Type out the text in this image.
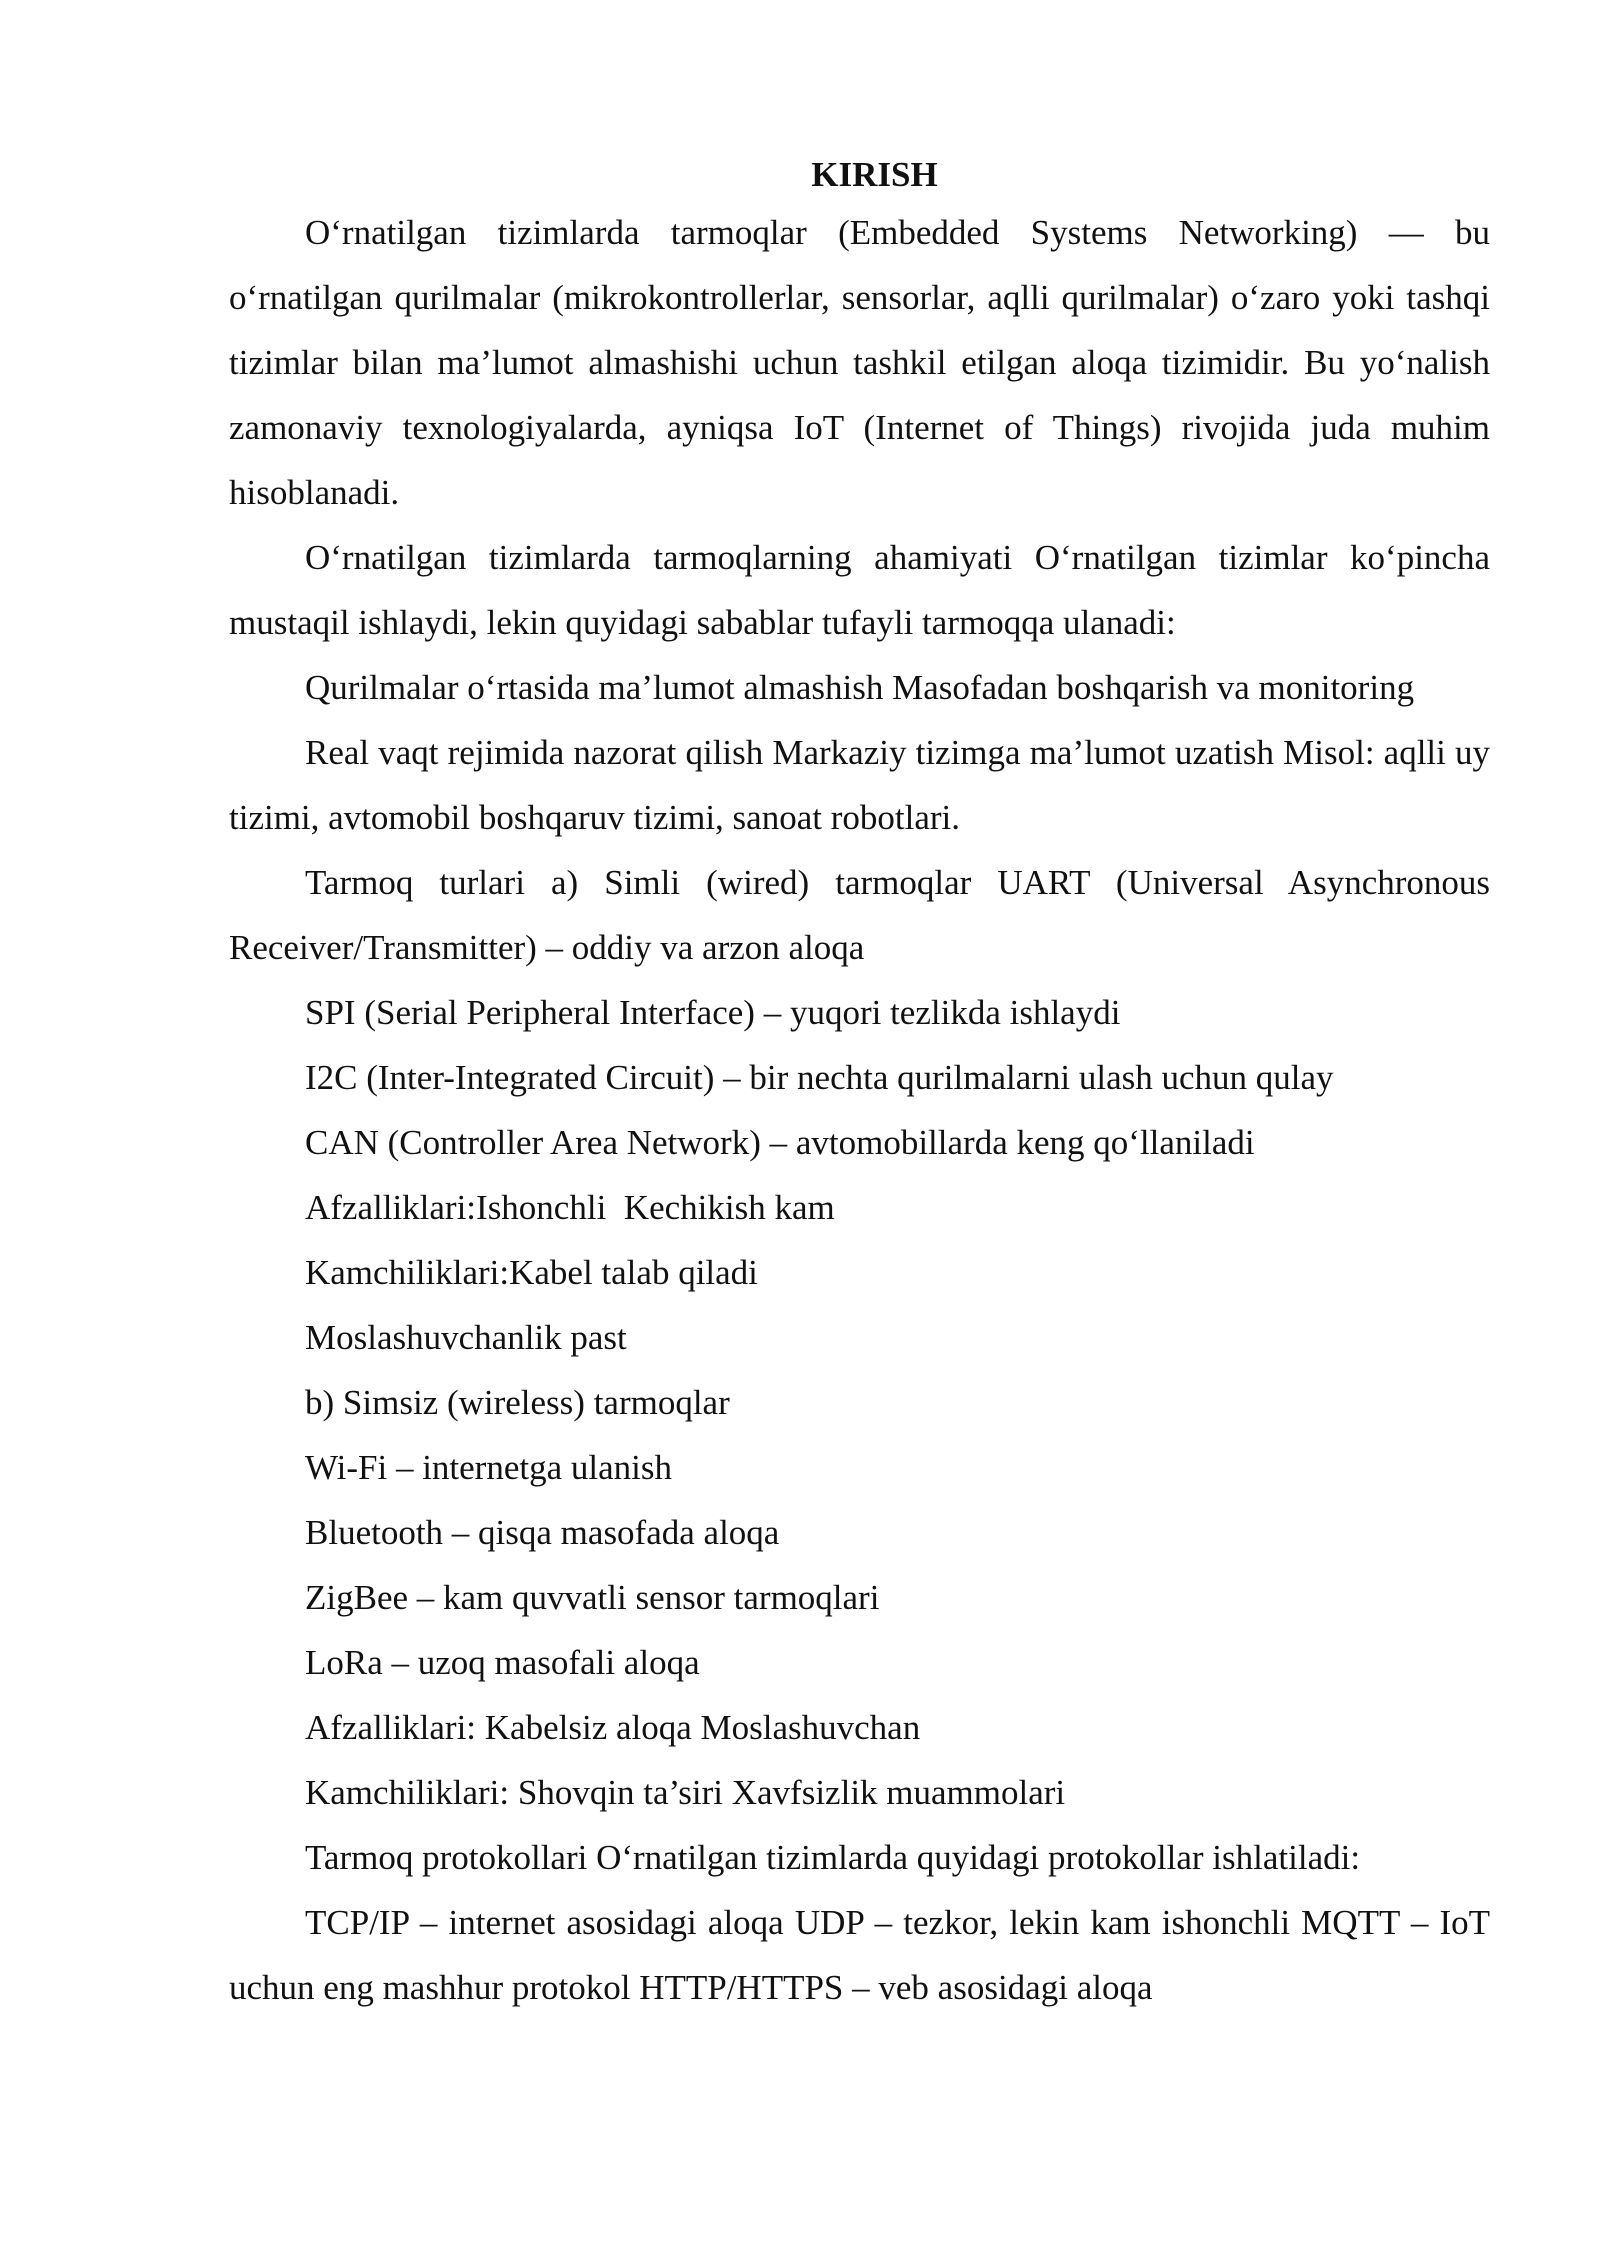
KIRISH

O‘rnatilgan tizimlarda tarmoqlar (Embedded Systems Networking) — bu o‘rnatilgan qurilmalar (mikrokontrollerlar, sensorlar, aqlli qurilmalar) o‘zaro yoki tashqi tizimlar bilan ma’lumot almashishi uchun tashkil etilgan aloqa tizimidir. Bu yo‘nalish zamonaviy texnologiyalarda, ayniqsa IoT (Internet of Things) rivojida juda muhim hisoblanadi.

O‘rnatilgan tizimlarda tarmoqlarning ahamiyati O‘rnatilgan tizimlar ko‘pincha mustaqil ishlaydi, lekin quyidagi sabablar tufayli tarmoqqa ulanadi:

Qurilmalar o‘rtasida ma’lumot almashish Masofadan boshqarish va monitoring

Real vaqt rejimida nazorat qilish Markaziy tizimga ma’lumot uzatish Misol: aqlli uy tizimi, avtomobil boshqaruv tizimi, sanoat robotlari.

Tarmoq turlari a) Simli (wired) tarmoqlar UART (Universal Asynchronous Receiver/Transmitter) – oddiy va arzon aloqa

SPI (Serial Peripheral Interface) – yuqori tezlikda ishlaydi

I2C (Inter-Integrated Circuit) – bir nechta qurilmalarni ulash uchun qulay

CAN (Controller Area Network) – avtomobillarda keng qo‘llaniladi

Afzalliklari:Ishonchli  Kechikish kam

Kamchiliklari:Kabel talab qiladi

Moslashuvchanlik past

b) Simsiz (wireless) tarmoqlar

Wi-Fi – internetga ulanish

Bluetooth – qisqa masofada aloqa

ZigBee – kam quvvatli sensor tarmoqlari

LoRa – uzoq masofali aloqa

Afzalliklari: Kabelsiz aloqa Moslashuvchan

Kamchiliklari: Shovqin ta’siri Xavfsizlik muammolari

Tarmoq protokollari O‘rnatilgan tizimlarda quyidagi protokollar ishlatiladi:

TCP/IP – internet asosidagi aloqa UDP – tezkor, lekin kam ishonchli MQTT – IoT uchun eng mashhur protokol HTTP/HTTPS – veb asosidagi aloqa
